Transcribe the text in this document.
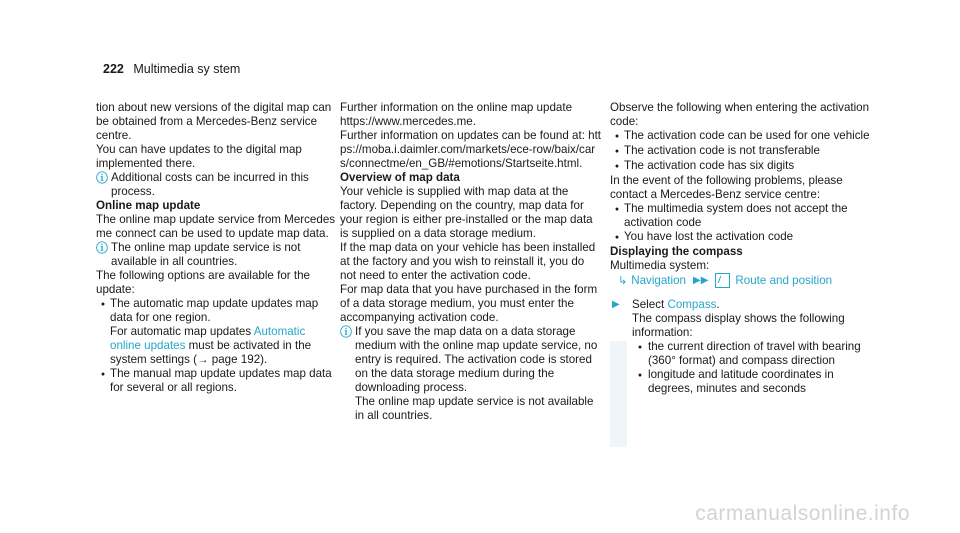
222 Multimedia sy stem

tion about new versions of the digital map can be obtained from a Mercedes-Benz service centre.

You can have updates to the digital map implemented there.

ⓘ Additional costs can be incurred in this process.

Online map update

The online map update service from Mercedes me connect can be used to update map data.

ⓘ The online map update service is not available in all countries.

The following options are available for the update:

●
The automatic map update updates map data for one region.

For automatic map updates Automatic online updates must be activated in the system settings (→ page 192).

●
The manual map update updates map data for several or all regions.

Further information on the online map update https://www.mercedes.me.

Further information on updates can be found at: https://moba.i.daimler.com/markets/ece-row/baix/cars/connectme/en_GB/#emotions/Startseite.html.

Overview of map data

Your vehicle is supplied with map data at the factory. Depending on the country, map data for your region is either pre-installed or the map data is supplied on a data storage medium.

If the map data on your vehicle has been installed at the factory and you wish to reinstall it, you do not need to enter the activation code.

For map data that you have purchased in the form of a data storage medium, you must enter the accompanying activation code.

ⓘ If you save the map data on a data storage medium with the online map update service, no entry is required. The activation code is stored on the data storage medium during the downloading process.
The online map update service is not available in all countries.

Observe the following when entering the activation code:

●
The activation code can be used for one vehicle
●
The activation code is not transferable
●
The activation code has six digits

In the event of the following problems, please contact a Mercedes-Benz service centre:

●
The multimedia system does not accept the activation code
●
You have lost the activation code

Displaying the compass

Multimedia system:

↳ Navigation ▶▶ Route and position
▶	Select Compass.

The compass display shows the following information:

●
the current direction of travel with bearing (360° format) and compass direction
●
longitude and latitude coordinates in degrees, minutes and seconds
carmanualsonline.info
